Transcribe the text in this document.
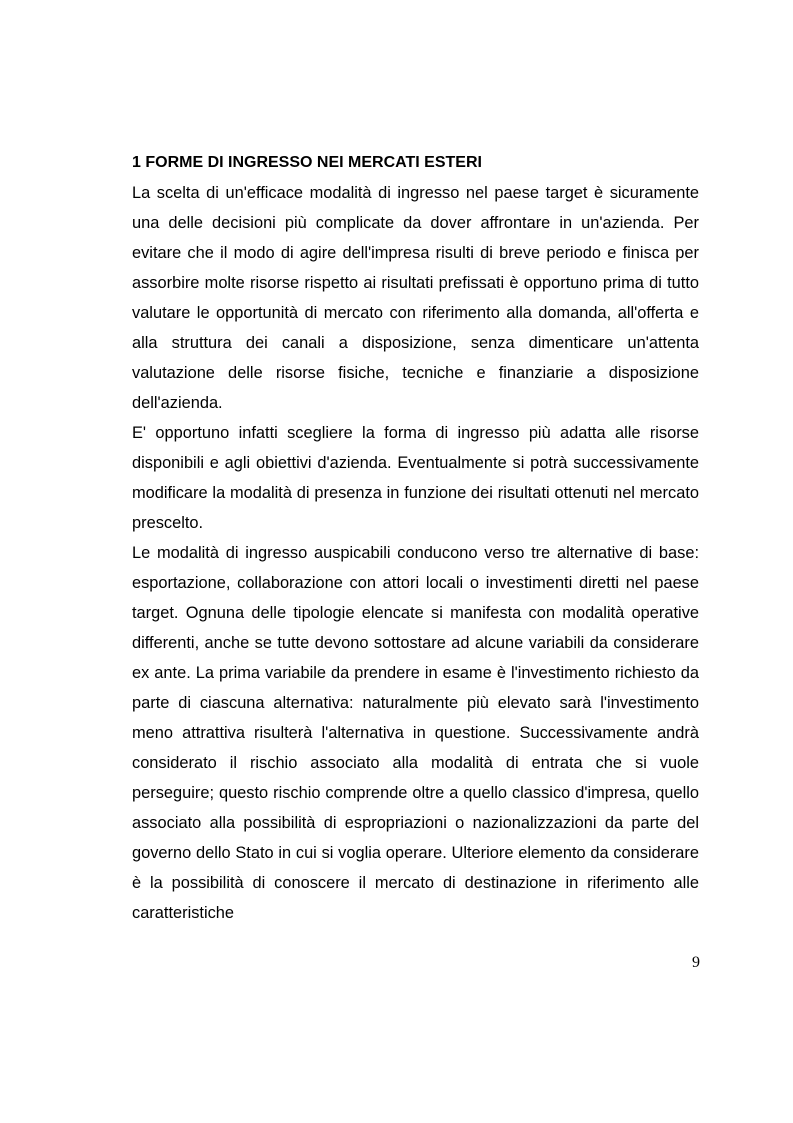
1 FORME DI INGRESSO NEI MERCATI ESTERI

La scelta di un'efficace modalità di ingresso nel paese target è sicuramente una delle decisioni più complicate da dover affrontare in un'azienda. Per evitare che il modo di agire dell'impresa risulti di breve periodo e finisca per assorbire molte risorse rispetto ai risultati prefissati è opportuno prima di tutto valutare le opportunità di mercato con riferimento alla domanda, all'offerta e alla struttura dei canali a disposizione, senza dimenticare un'attenta valutazione delle risorse fisiche, tecniche e finanziarie a disposizione dell'azienda.

E' opportuno infatti scegliere la forma di ingresso più adatta alle risorse disponibili e agli obiettivi d'azienda. Eventualmente si potrà successivamente modificare la modalità di presenza in funzione dei risultati ottenuti nel mercato prescelto.

Le modalità di ingresso auspicabili conducono verso tre alternative di base: esportazione, collaborazione con attori locali o investimenti diretti nel paese target. Ognuna delle tipologie elencate si manifesta con modalità operative differenti, anche se tutte devono sottostare ad alcune variabili da considerare ex ante. La prima variabile da prendere in esame è l'investimento richiesto da parte di ciascuna alternativa: naturalmente più elevato sarà l'investimento meno attrattiva risulterà l'alternativa in questione. Successivamente andrà considerato il rischio associato alla modalità di entrata che si vuole perseguire; questo rischio comprende oltre a quello classico d'impresa, quello associato alla possibilità di espropriazioni o nazionalizzazioni da parte del governo dello Stato in cui si voglia operare. Ulteriore elemento da considerare è la possibilità di conoscere il mercato di destinazione in riferimento alle caratteristiche

9
